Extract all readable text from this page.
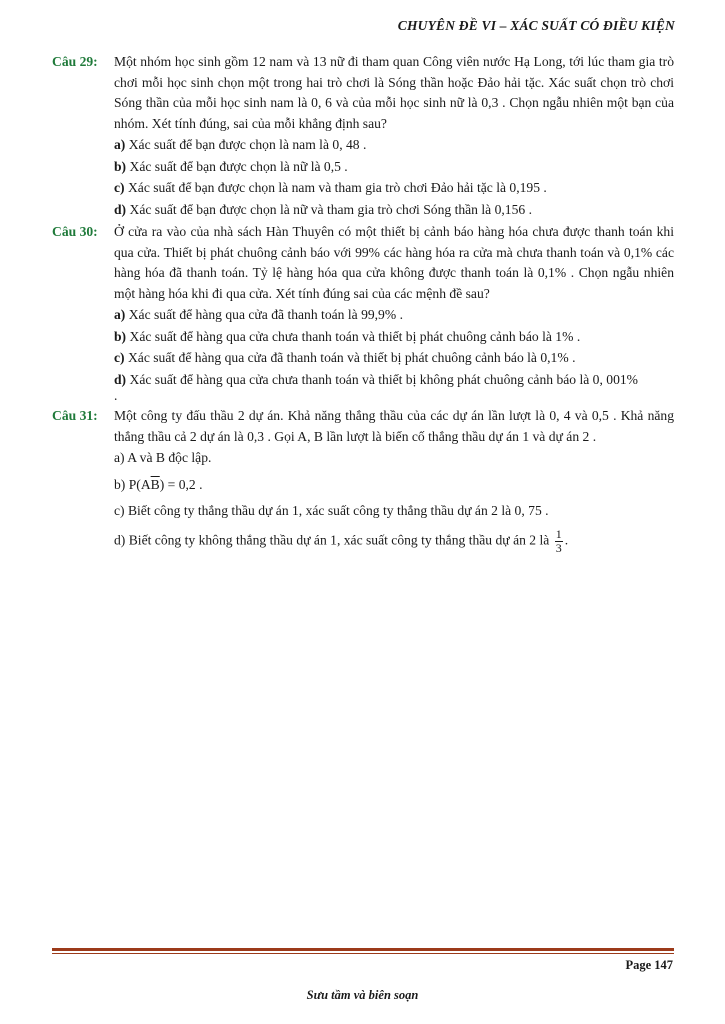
CHUYÊN ĐỀ VI – XÁC SUẤT CÓ ĐIỀU KIỆN
Câu 29:	Một nhóm học sinh gồm 12 nam và 13 nữ đi tham quan Công viên nước Hạ Long, tới lúc tham gia trò chơi mỗi học sinh chọn một trong hai trò chơi là Sóng thần hoặc Đảo hải tặc. Xác suất chọn trò chơi Sóng thần của mỗi học sinh nam là 0, 6 và của mỗi học sinh nữ là 0,3 . Chọn ngẫu nhiên một bạn của nhóm. Xét tính đúng, sai của mỗi khẳng định sau?
a) Xác suất để bạn được chọn là nam là 0, 48 .
b) Xác suất để bạn được chọn là nữ là 0,5 .
c) Xác suất để bạn được chọn là nam và tham gia trò chơi Đảo hải tặc là 0,195 .
d) Xác suất để bạn được chọn là nữ và tham gia trò chơi Sóng thần là 0,156 .
Câu 30:	Ở cửa ra vào của nhà sách Hàn Thuyên có một thiết bị cảnh báo hàng hóa chưa được thanh toán khi qua cửa. Thiết bị phát chuông cảnh báo với 99% các hàng hóa ra cửa mà chưa thanh toán và 0,1% các hàng hóa đã thanh toán. Tỷ lệ hàng hóa qua cửa không được thanh toán là 0,1% . Chọn ngẫu nhiên một hàng hóa khi đi qua cửa. Xét tính đúng sai của các mệnh đề sau?
a) Xác suất để hàng qua cửa đã thanh toán là 99,9% .
b) Xác suất để hàng qua cửa chưa thanh toán và thiết bị phát chuông cảnh báo là 1% .
c) Xác suất để hàng qua cửa đã thanh toán và thiết bị phát chuông cảnh báo là 0,1% .
d) Xác suất để hàng qua cửa chưa thanh toán và thiết bị không phát chuông cảnh báo là 0, 001%
.
Câu 31:	Một công ty đấu thầu 2 dự án. Khả năng thắng thầu của các dự án lần lượt là 0, 4 và 0,5 . Khả năng thắng thầu cả 2 dự án là 0,3 . Gọi A, B lần lượt là biến cố thắng thầu dự án 1 và dự án 2 .
a) A và B độc lập.
b) $P(A\overline{B}) = 0,2$ .
c) Biết công ty thắng thầu dự án 1, xác suất công ty thắng thầu dự án 2 là 0, 75 .
d) Biết công ty không thắng thầu dự án 1, xác suất công ty thắng thầu dự án 2 là $\frac{1}{3}$ .
Page 147
Sưu tầm và biên soạn
